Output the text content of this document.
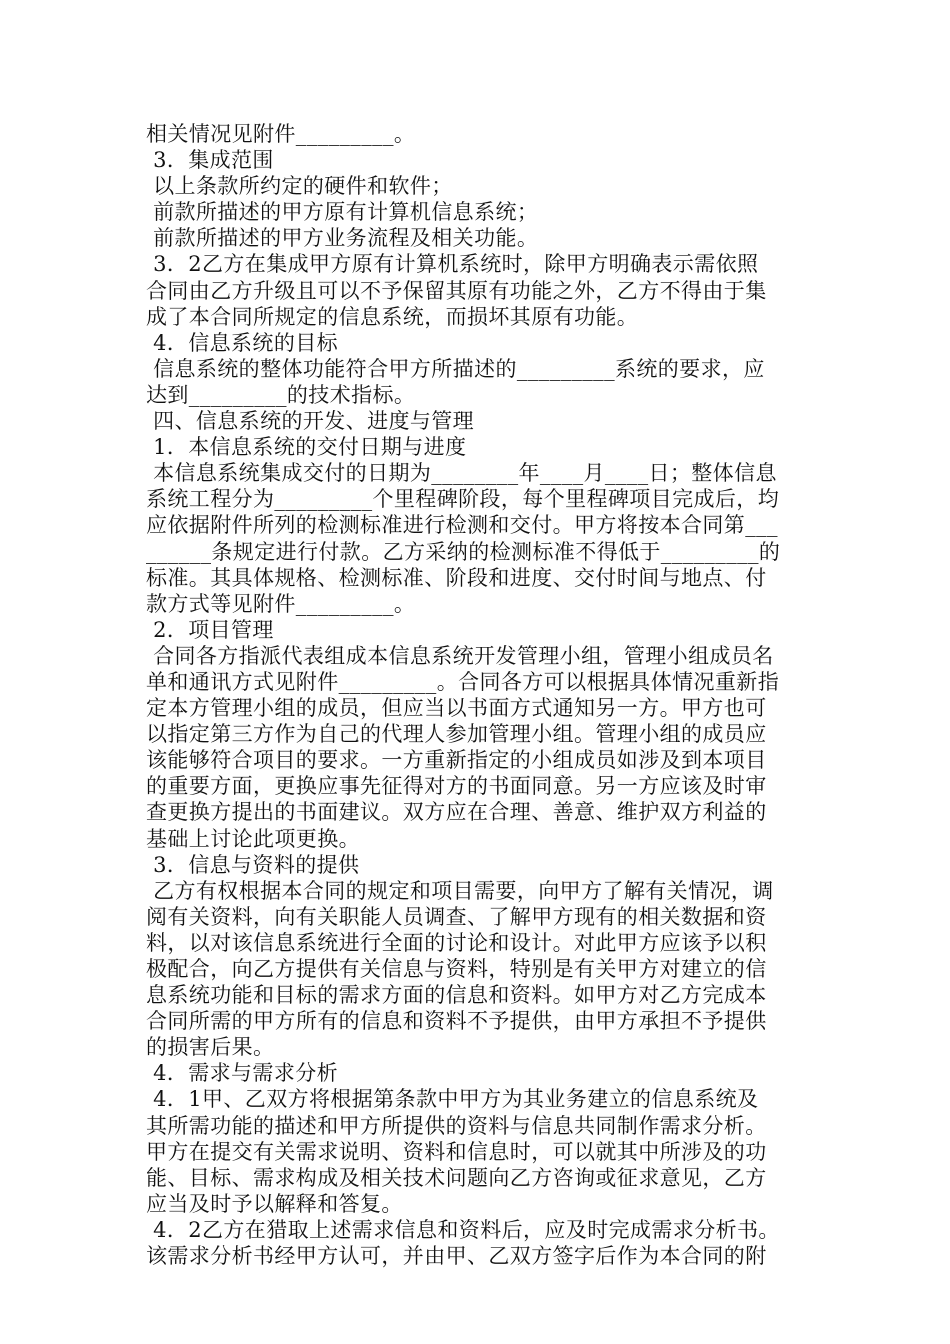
相关情况见附件_________。
3．集成范围
以上条款所约定的硬件和软件；
前款所描述的甲方原有计算机信息系统；
前款所描述的甲方业务流程及相关功能。
3．2乙方在集成甲方原有计算机系统时，除甲方明确表示需依照
合同由乙方升级且可以不予保留其原有功能之外，乙方不得由于集
成了本合同所规定的信息系统，而损坏其原有功能。
4．信息系统的目标
信息系统的整体功能符合甲方所描述的_________系统的要求，应
达到_________的技术指标。
四、信息系统的开发、进度与管理
1．本信息系统的交付日期与进度
本信息系统集成交付的日期为________年____月____日；整体信息
系统工程分为_________个里程碑阶段，每个里程碑项目完成后，均
应依据附件所列的检测标准进行检测和交付。甲方将按本合同第___
______条规定进行付款。乙方采纳的检测标准不得低于_________的
标准。其具体规格、检测标准、阶段和进度、交付时间与地点、付
款方式等见附件_________。
2．项目管理
合同各方指派代表组成本信息系统开发管理小组，管理小组成员名
单和通讯方式见附件_________。合同各方可以根据具体情况重新指
定本方管理小组的成员，但应当以书面方式通知另一方。甲方也可
以指定第三方作为自己的代理人参加管理小组。管理小组的成员应
该能够符合项目的要求。一方重新指定的小组成员如涉及到本项目
的重要方面，更换应事先征得对方的书面同意。另一方应该及时审
查更换方提出的书面建议。双方应在合理、善意、维护双方利益的
基础上讨论此项更换。
3．信息与资料的提供
乙方有权根据本合同的规定和项目需要，向甲方了解有关情况，调
阅有关资料，向有关职能人员调查、了解甲方现有的相关数据和资
料，以对该信息系统进行全面的讨论和设计。对此甲方应该予以积
极配合，向乙方提供有关信息与资料，特别是有关甲方对建立的信
息系统功能和目标的需求方面的信息和资料。如甲方对乙方完成本
合同所需的甲方所有的信息和资料不予提供，由甲方承担不予提供
的损害后果。
4．需求与需求分析
4．1甲、乙双方将根据第条款中甲方为其业务建立的信息系统及
其所需功能的描述和甲方所提供的资料与信息共同制作需求分析。
甲方在提交有关需求说明、资料和信息时，可以就其中所涉及的功
能、目标、需求构成及相关技术问题向乙方咨询或征求意见，乙方
应当及时予以解释和答复。
4．2乙方在猎取上述需求信息和资料后，应及时完成需求分析书。
该需求分析书经甲方认可，并由甲、乙双方签字后作为本合同的附
